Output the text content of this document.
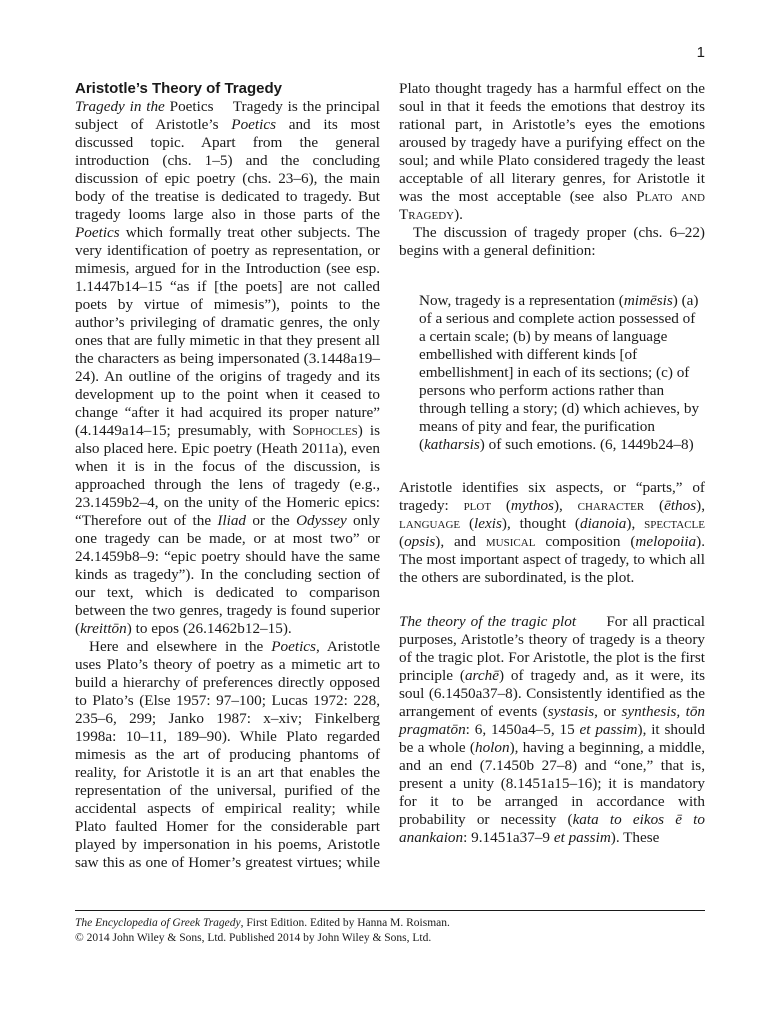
1
Aristotle’s Theory of Tragedy

Tragedy in the Poetics Tragedy is the principal subject of Aristotle’s Poetics and its most discussed topic. Apart from the general introduction (chs. 1–5) and the concluding discussion of epic poetry (chs. 23–6), the main body of the treatise is dedicated to tragedy. But tragedy looms large also in those parts of the Poetics which formally treat other subjects. The very identification of poetry as representation, or mimesis, argued for in the Introduction (see esp. 1.1447b14–15 “as if [the poets] are not called poets by virtue of mimesis”), points to the author’s privileging of dramatic genres, the only ones that are fully mimetic in that they present all the characters as being impersonated (3.1448a19–24). An outline of the origins of tragedy and its development up to the point when it ceased to change “after it had acquired its proper nature” (4.1449a14–15; presumably, with Sophocles) is also placed here. Epic poetry (Heath 2011a), even when it is in the focus of the discussion, is approached through the lens of tragedy (e.g., 23.1459b2–4, on the unity of the Homeric epics: “Therefore out of the Iliad or the Odyssey only one tragedy can be made, or at most two” or 24.1459b8–9: “epic poetry should have the same kinds as tragedy”). In the concluding section of our text, which is dedicated to comparison between the two genres, tragedy is found superior (kreittōn) to epos (26.1462b12–15).

Here and elsewhere in the Poetics, Aristotle uses Plato’s theory of poetry as a mimetic art to build a hierarchy of preferences directly opposed to Plato’s (Else 1957: 97–100; Lucas 1972: 228, 235–6, 299; Janko 1987: x–xiv; Finkelberg 1998a: 10–11, 189–90). While Plato regarded mimesis as the art of producing phantoms of reality, for Aristotle it is an art that enables the representation of the universal, purified of the accidental aspects of empirical reality; while Plato faulted Homer for the considerable part played by impersonation in his poems, Aristotle saw this as one of Homer’s greatest virtues; while

Plato thought tragedy has a harmful effect on the soul in that it feeds the emotions that destroy its rational part, in Aristotle’s eyes the emotions aroused by tragedy have a purifying effect on the soul; and while Plato considered tragedy the least acceptable of all literary genres, for Aristotle it was the most acceptable (see also Plato and Tragedy).

The discussion of tragedy proper (chs. 6–22) begins with a general definition:

Now, tragedy is a representation (mimēsis) (a) of a serious and complete action possessed of a certain scale; (b) by means of language embellished with different kinds [of embellishment] in each of its sections; (c) of persons who perform actions rather than through telling a story; (d) which achieves, by means of pity and fear, the purification (katharsis) of such emotions. (6, 1449b24–8)

Aristotle identifies six aspects, or “parts,” of tragedy: plot (mythos), character (ēthos), language (lexis), thought (dianoia), spectacle (opsis), and musical composition (melopoiia). The most important aspect of tragedy, to which all the others are subordinated, is the plot.

The theory of the tragic plot For all practical purposes, Aristotle’s theory of tragedy is a theory of the tragic plot. For Aristotle, the plot is the first principle (archē) of tragedy and, as it were, its soul (6.1450a37–8). Consistently identified as the arrangement of events (systasis, or synthesis, tōn pragmatōn: 6, 1450a4–5, 15 et passim), it should be a whole (holon), having a beginning, a middle, and an end (7.1450b 27–8) and “one,” that is, present a unity (8.1451a15–16); it is mandatory for it to be arranged in accordance with probability or necessity (kata to eikos ē to anankaion: 9.1451a37–9 et passim). These

The Encyclopedia of Greek Tragedy, First Edition. Edited by Hanna M. Roisman.

© 2014 John Wiley & Sons, Ltd. Published 2014 by John Wiley & Sons, Ltd.
